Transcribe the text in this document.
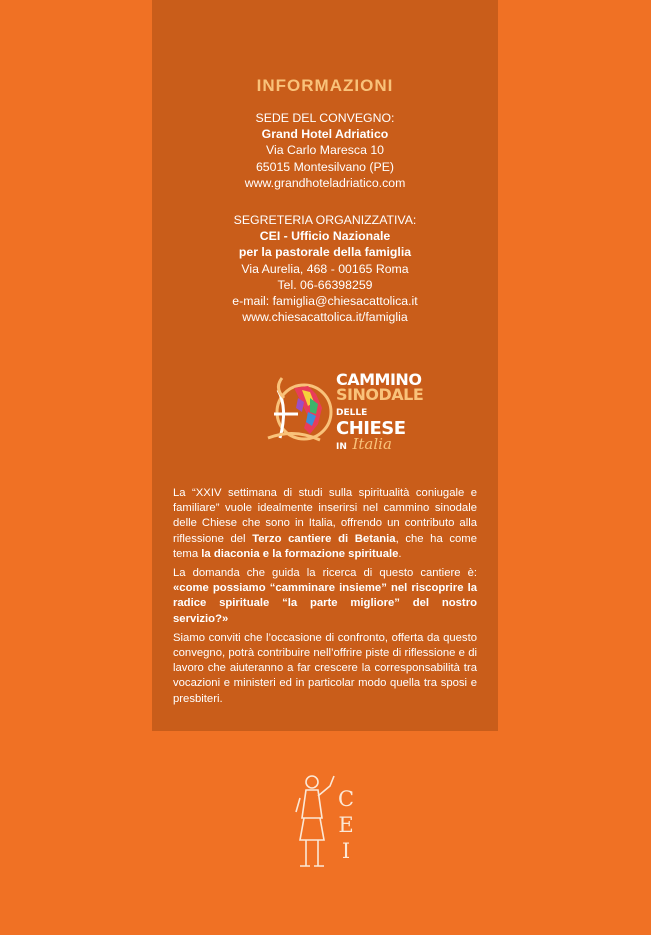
INFORMAZIONI
SEDE DEL CONVEGNO:
Grand Hotel Adriatico
Via Carlo Maresca 10
65015 Montesilvano (PE)
www.grandhoteladriatico.com
SEGRETERIA ORGANIZZATIVA:
CEI - Ufficio Nazionale
per la pastorale della famiglia
Via Aurelia, 468 - 00165 Roma
Tel. 06-66398259
e-mail: famiglia@chiesacattolica.it
www.chiesacattolica.it/famiglia
CAMMINO
SINODALE
DELLE CHIESE
IN Italia

La “XXIV settimana di studi sulla spiritualità coniugale e familiare” vuole idealmente inserirsi nel cammino sinodale delle Chiese che sono in Italia, offrendo un contributo alla riflessione del Terzo cantiere di Betania, che ha come tema la diaconia e la formazione spirituale.

La domanda che guida la ricerca di questo cantiere è: «come possiamo “camminare insieme” nel riscoprire la radice spirituale “la parte migliore” del nostro servizio?»

Siamo conviti che l’occasione di confronto, offerta da questo convegno, potrà contribuire nell’offrire piste di riflessione e di lavoro che aiuteranno a far crescere la corresponsabilità tra vocazioni e ministeri ed in particolar modo quella tra sposi e presbiteri.

C
E
I
